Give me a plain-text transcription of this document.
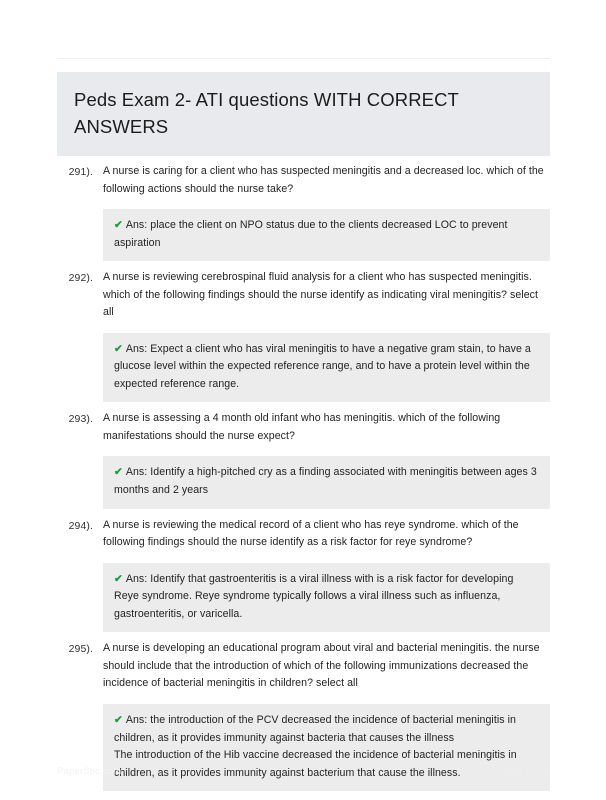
Peds Exam 2- ATI questions WITH CORRECT ANSWERS
291). A nurse is caring for a client who has suspected meningitis and a decreased loc. which of the following actions should the nurse take?
✔ Ans: place the client on NPO status due to the clients decreased LOC to prevent aspiration
292). A nurse is reviewing cerebrospinal fluid analysis for a client who has suspected meningitis. which of the following findings should the nurse identify as indicating viral meningitis? select all
✔ Ans: Expect a client who has viral meningitis to have a negative gram stain, to have a glucose level within the expected reference range, and to have a protein level within the expected reference range.
293). A nurse is assessing a 4 month old infant who has meningitis. which of the following manifestations should the nurse expect?
✔ Ans: Identify a high-pitched cry as a finding associated with meningitis between ages 3 months and 2 years
294). A nurse is reviewing the medical record of a client who has reye syndrome. which of the following findings should the nurse identify as a risk factor for reye syndrome?
✔ Ans: Identify that gastroenteritis is a viral illness with is a risk factor for developing Reye syndrome. Reye syndrome typically follows a viral illness such as influenza, gastroenteritis, or varicella.
295). A nurse is developing an educational program about viral and bacterial meningitis. the nurse should include that the introduction of which of the following immunizations decreased the incidence of bacterial meningitis in children? select all
✔ Ans: the introduction of the PCV decreased the incidence of bacterial meningitis in children, as it provides immunity against bacteria that causes the illness
The introduction of the Hib vaccine decreased the incidence of bacterial meningitis in children, as it provides immunity against bacterium that cause the illness.
PaperStic.com	Page 1 of 5
